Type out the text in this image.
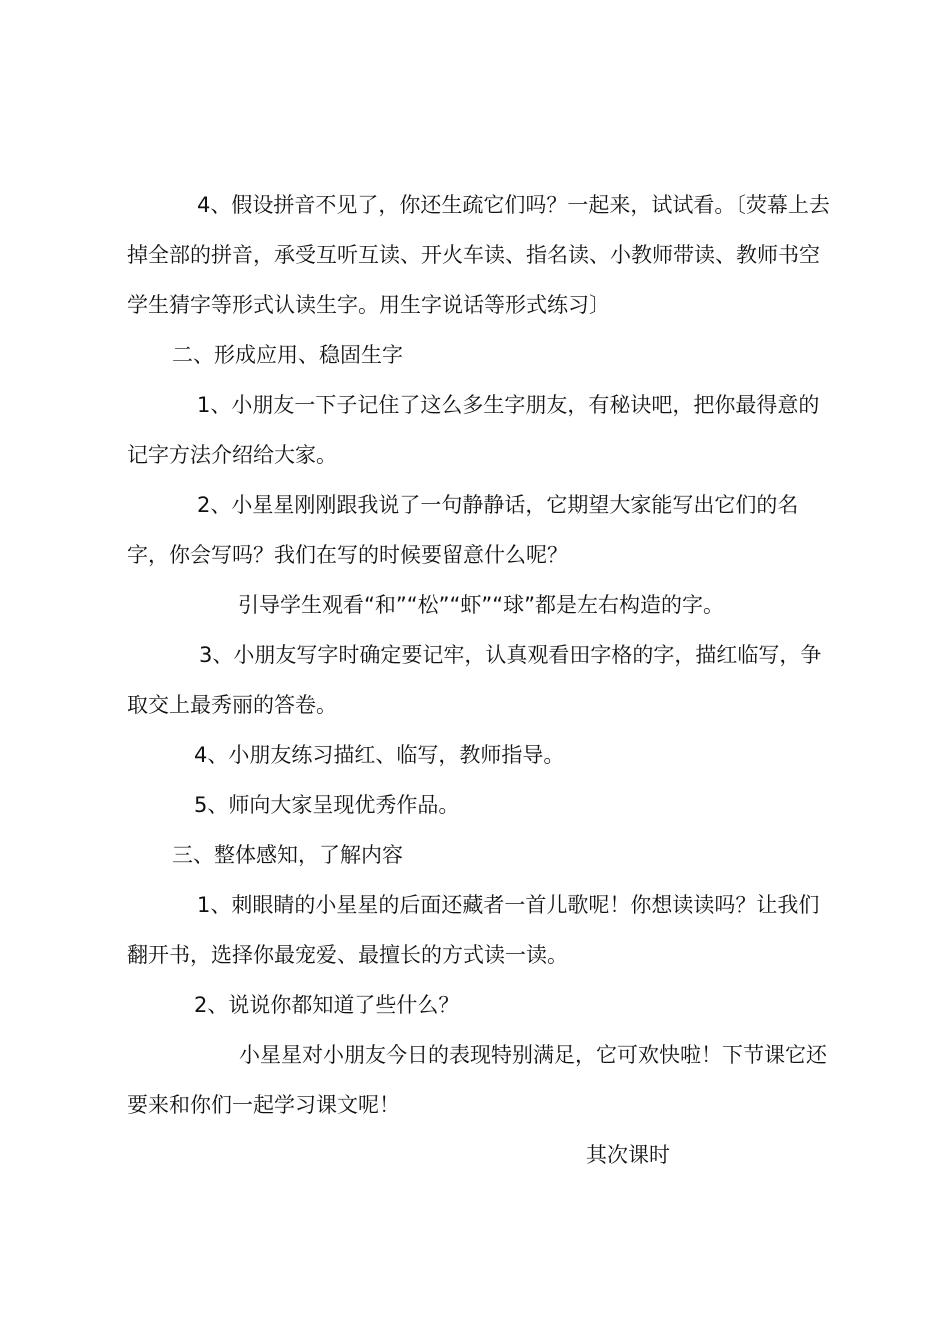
4、假设拼音不见了，你还生疏它们吗？一起来，试试看。〔荧幕上去掉全部的拼音，承受互听互读、开火车读、指名读、小教师带读、教师书空学生猜字等形式认读生字。用生字说话等形式练习〕

二、形成应用、稳固生字

1、小朋友一下子记住了这么多生字朋友，有秘诀吧，把你最得意的记字方法介绍给大家。

2、小星星刚刚跟我说了一句静静话，它期望大家能写出它们的名字，你会写吗？我们在写的时候要留意什么呢？

引导学生观看“和”“松”“虾”“球”都是左右构造的字。

3、小朋友写字时确定要记牢，认真观看田字格的字，描红临写，争取交上最秀丽的答卷。

4、小朋友练习描红、临写，教师指导。

5、师向大家呈现优秀作品。

三、整体感知，了解内容

1、刺眼睛的小星星的后面还藏者一首儿歌呢！你想读读吗？让我们翻开书，选择你最宠爱、最擅长的方式读一读。

2、说说你都知道了些什么？

小星星对小朋友今日的表现特别满足，它可欢快啦！下节课它还要来和你们一起学习课文呢！

其次课时
